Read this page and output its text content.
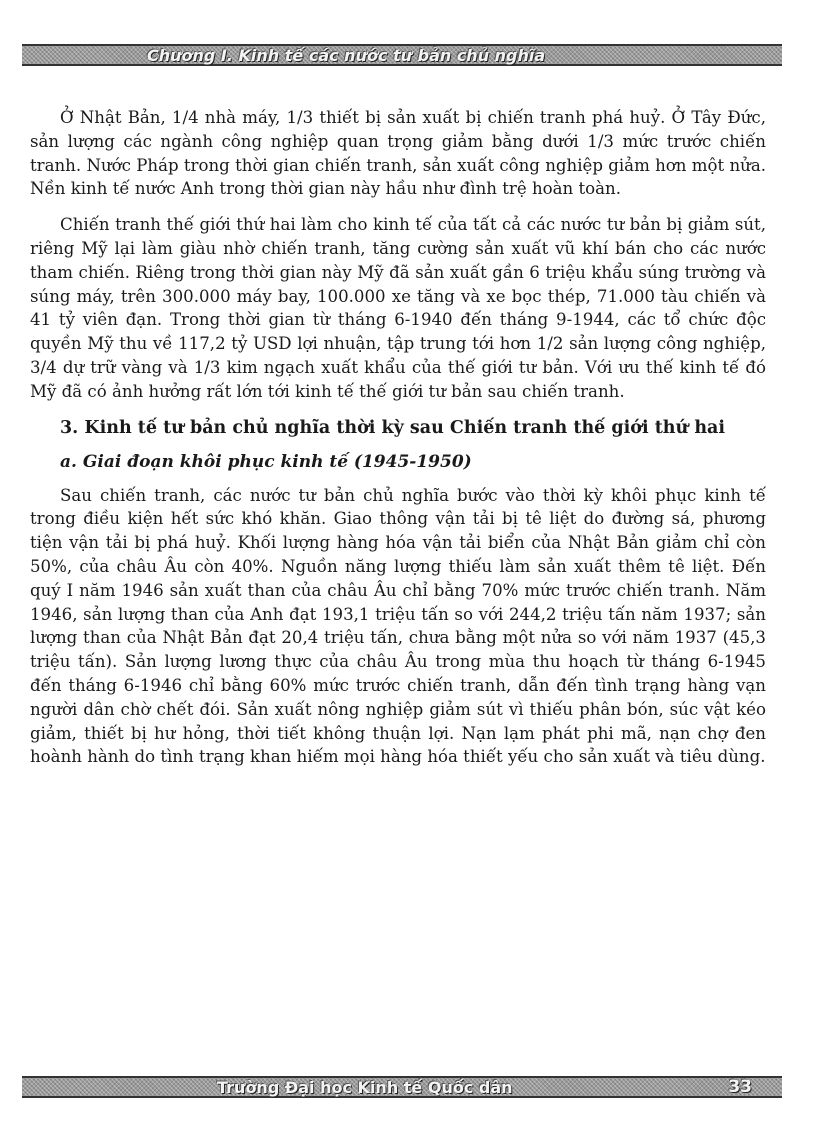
Chương I. Kinh tế các nước tư bản chủ nghĩa

Ở Nhật Bản, 1/4 nhà máy, 1/3 thiết bị sản xuất bị chiến tranh phá huỷ. Ở Tây Đức, sản lượng các ngành công nghiệp quan trọng giảm bằng dưới 1/3 mức trước chiến tranh. Nước Pháp trong thời gian chiến tranh, sản xuất công nghiệp giảm hơn một nửa. Nền kinh tế nước Anh trong thời gian này hầu như đình trệ hoàn toàn.

Chiến tranh thế giới thứ hai làm cho kinh tế của tất cả các nước tư bản bị giảm sút, riêng Mỹ lại làm giàu nhờ chiến tranh, tăng cường sản xuất vũ khí bán cho các nước tham chiến. Riêng trong thời gian này Mỹ đã sản xuất gần 6 triệu khẩu súng trường và súng máy, trên 300.000 máy bay, 100.000 xe tăng và xe bọc thép, 71.000 tàu chiến và 41 tỷ viên đạn. Trong thời gian từ tháng 6-1940 đến tháng 9-1944, các tổ chức độc quyền Mỹ thu về 117,2 tỷ USD lợi nhuận, tập trung tới hơn 1/2 sản lượng công nghiệp, 3/4 dự trữ vàng và 1/3 kim ngạch xuất khẩu của thế giới tư bản. Với ưu thế kinh tế đó Mỹ đã có ảnh hưởng rất lớn tới kinh tế thế giới tư bản sau chiến tranh.

3. Kinh tế tư bản chủ nghĩa thời kỳ sau Chiến tranh thế giới thứ hai
a. Giai đoạn khôi phục kinh tế (1945-1950)

Sau chiến tranh, các nước tư bản chủ nghĩa bước vào thời kỳ khôi phục kinh tế trong điều kiện hết sức khó khăn. Giao thông vận tải bị tê liệt do đường sá, phương tiện vận tải bị phá huỷ. Khối lượng hàng hóa vận tải biển của Nhật Bản giảm chỉ còn 50%, của châu Âu còn 40%. Nguồn năng lượng thiếu làm sản xuất thêm tê liệt. Đến quý I năm 1946 sản xuất than của châu Âu chỉ bằng 70% mức trước chiến tranh. Năm 1946, sản lượng than của Anh đạt 193,1 triệu tấn so với 244,2 triệu tấn năm 1937; sản lượng than của Nhật Bản đạt 20,4 triệu tấn, chưa bằng một nửa so với năm 1937 (45,3 triệu tấn). Sản lượng lương thực của châu Âu trong mùa thu hoạch từ tháng 6-1945 đến tháng 6-1946 chỉ bằng 60% mức trước chiến tranh, dẫn đến tình trạng hàng vạn người dân chờ chết đói. Sản xuất nông nghiệp giảm sút vì thiếu phân bón, súc vật kéo giảm, thiết bị hư hỏng, thời tiết không thuận lợi. Nạn lạm phát phi mã, nạn chợ đen hoành hành do tình trạng khan hiếm mọi hàng hóa thiết yếu cho sản xuất và tiêu dùng.

Trường Đại học Kinh tế Quốc dân	33
